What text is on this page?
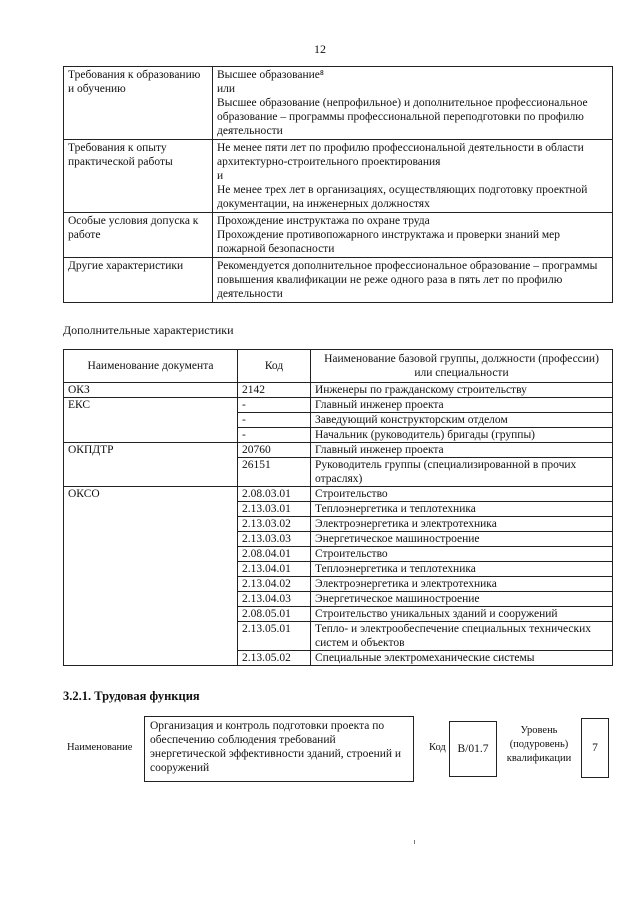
12
Требования к образованию и обучению	Высшее образование⁸

или

Высшее образование (непрофильное) и дополнительное профессиональное образование – программы профессиональной переподготовки по профилю деятельности

Требования к опыту практической работы	Не менее пяти лет по профилю профессиональной деятельности в области архитектурно-строительного проектирования

и

Не менее трех лет в организациях, осуществляющих подготовку проектной документации, на инженерных должностях

Особые условия допуска к работе	Прохождение инструктажа по охране труда

Прохождение противопожарного инструктажа и проверки знаний мер пожарной безопасности

Другие характеристики	Рекомендуется дополнительное профессиональное образование – программы повышения квалификации не реже одного раза в пять лет по профилю деятельности

Дополнительные характеристики
Наименование документа	Код	Наименование базовой группы, должности (профессии) или специальности
ОКЗ	2142	Инженеры по гражданскому строительству
ЕКС	-	Главный инженер проекта
	-	Заведующий конструкторским отделом
	-	Начальник (руководитель) бригады (группы)
ОКПДТР	20760	Главный инженер проекта
	26151	Руководитель группы (специализированной в прочих отраслях)
ОКСО	2.08.03.01	Строительство
	2.13.03.01	Теплоэнергетика и теплотехника
	2.13.03.02	Электроэнергетика и электротехника
	2.13.03.03	Энергетическое машиностроение
	2.08.04.01	Строительство
	2.13.04.01	Теплоэнергетика и теплотехника
	2.13.04.02	Электроэнергетика и электротехника
	2.13.04.03	Энергетическое машиностроение
	2.08.05.01	Строительство уникальных зданий и сооружений
	2.13.05.01	Тепло- и электрообеспечение специальных технических систем и объектов
	2.13.05.02	Специальные электромеханические системы
3.2.1. Трудовая функция
Наименование
Организация и контроль подготовки проекта по обеспечению соблюдения требований энергетической эффективности зданий, строений и сооружений
Код	B/01.7
Уровень (подуровень) квалификации
7
